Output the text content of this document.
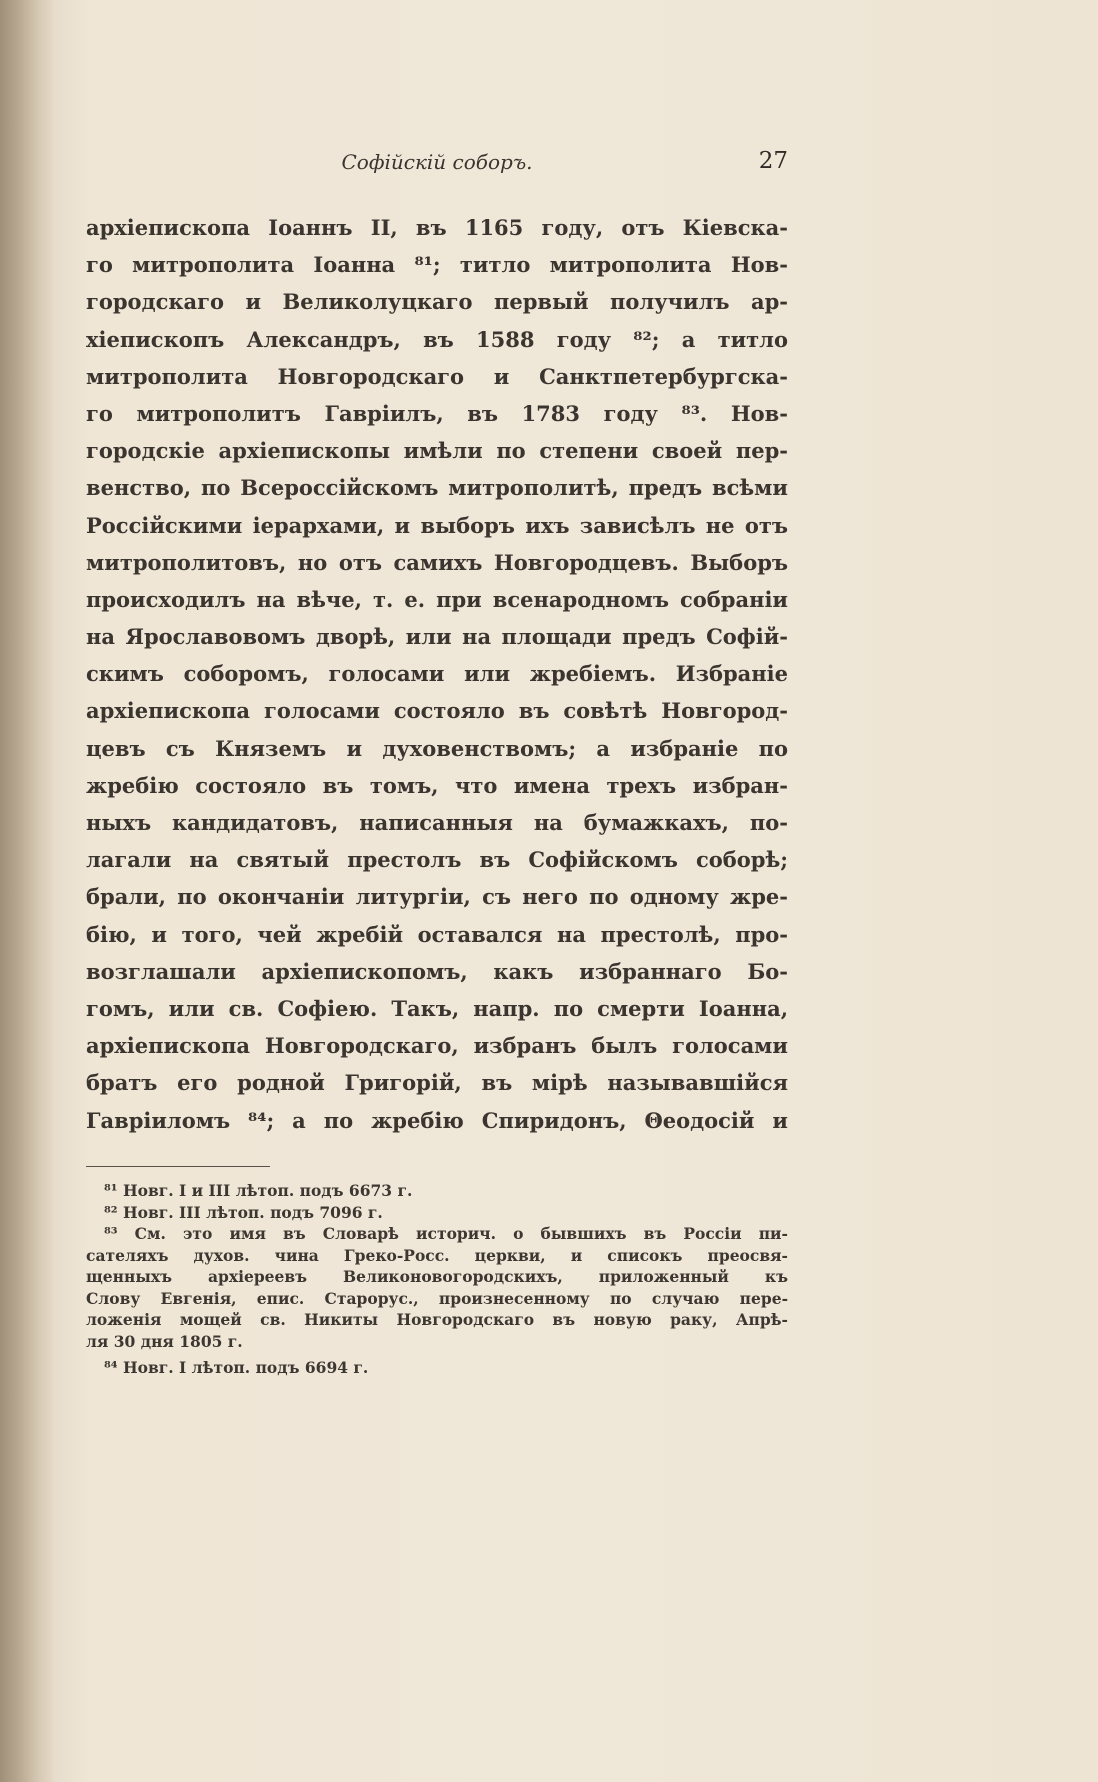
Софійскій соборъ.	27
архіепископа Іоаннъ II, въ 1165 году, отъ Кіевска-
го митрополита Іоанна ⁸¹; титло митрополита Нов-
городскаго и Великолуцкаго первый получилъ ар-
хіепископъ Александръ, въ 1588 году ⁸²; а титло
митрополита Новгородскаго и Санктпетербургска-
го митрополитъ Гавріилъ, въ 1783 году ⁸³. Нов-
городскіе архіепископы имѣли по степени своей пер-
венство, по Всероссійскомъ митрополитѣ, предъ всѣми
Россійскими іерархами, и выборъ ихъ зависѣлъ не отъ
митрополитовъ, но отъ самихъ Новгородцевъ. Выборъ
происходилъ на вѣче, т. е. при всенародномъ собраніи
на Ярославовомъ дворѣ, или на площади предъ Софій-
скимъ соборомъ, голосами или жребіемъ. Избраніе
архіепископа голосами состояло въ совѣтѣ Новгород-
цевъ съ Княземъ и духовенствомъ; а избраніе по
жребію состояло въ томъ, что имена трехъ избран-
ныхъ кандидатовъ, написанныя на бумажкахъ, по-
лагали на святый престолъ въ Софійскомъ соборѣ;
брали, по окончаніи литургіи, съ него по одному жре-
бію, и того, чей жребій оставался на престолѣ, про-
возглашали архіепископомъ, какъ избраннаго Бо-
гомъ, или св. Софіею. Такъ, напр. по смерти Іоанна,
архіепископа Новгородскаго, избранъ былъ голосами
братъ его родной Григорій, въ мірѣ называвшійся
Гавріиломъ ⁸⁴; а по жребію Спиридонъ, Θеодосій и
⁸¹ Новг. I и III лѣтоп. подъ 6673 г.
⁸² Новг. III лѣтоп. подъ 7096 г.
⁸³ См. это имя въ Словарѣ историч. о бывшихъ въ Россіи пи-
сателяхъ духов. чина Греко-Росс. церкви, и списокъ преосвя-
щенныхъ архіереевъ Великоновогородскихъ, приложенный къ
Слову Евгенія, епис. Старорус., произнесенному по случаю пере-
ложенія мощей св. Никиты Новгородскаго въ новую раку, Апрѣ-
ля 30 дня 1805 г.
⁸⁴ Новг. I лѣтоп. подъ 6694 г.
